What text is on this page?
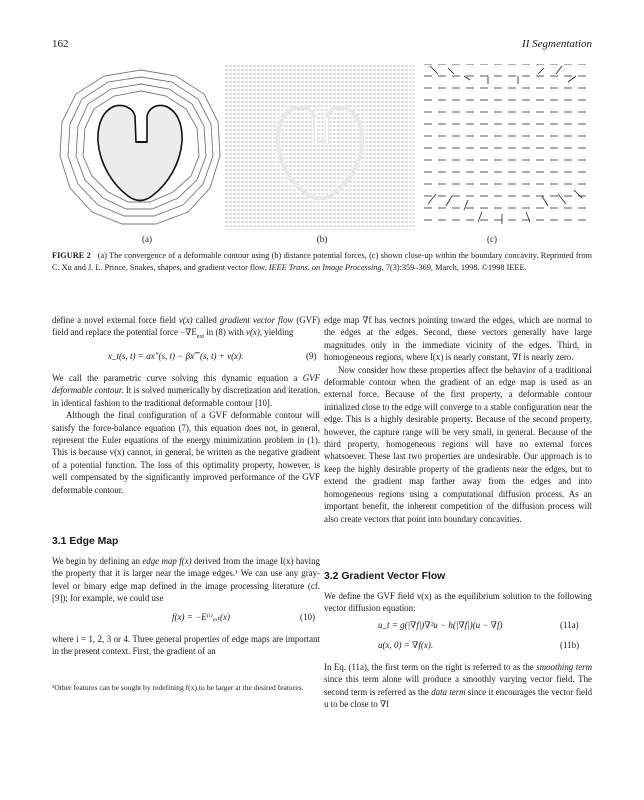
162	II Segmentation
(a)	(b)	(c)
FIGURE 2 (a) The convergence of a deformable contour using (b) distance potential forces, (c) shown close-up within the boundary concavity. Reprinted from C. Xu and J. L. Prince, Snakes, shapes, and gradient vector flow. IEEE Trans. on Image Processing, 7(3):359–369, March, 1998. ©1998 IEEE.

define a novel external force field v(x) called gradient vector flow (GVF) field and replace the potential force $-\nabla E_{ext}$ in (8) with v(x), yielding

x_t(s, t) = αx″(s, t) − βx⁗(s, t) + v(x).	(9)

We call the parametric curve solving this dynamic equation a GVF deformable contour. It is solved numerically by discretization and iteration, in identical fashion to the traditional deformable contour [10].

Although the final configuration of a GVF deformable contour will satisfy the force-balance equation (7), this equation does not, in general, represent the Euler equations of the energy minimization problem in (1). This is because v(x) cannot, in general, be written as the negative gradient of a potential function. The loss of this optimality property, however, is well compensated by the significantly improved performance of the GVF deformable contour.

3.1 Edge Map

We begin by defining an edge map f(x) derived from the image I(x) having the property that it is larger near the image edges.¹ We can use any gray-level or binary edge map defined in the image processing literature (cf. [9]); for example, we could use

f(x) = −E⁽ⁱ⁾ₑₓₜ(x)	(10)

where i = 1, 2, 3 or 4. Three general properties of edge maps are important in the present context. First, the gradient of an

¹Other features can be sought by redefining f(x) to be larger at the desired features.

edge map ∇f has vectors pointing toward the edges, which are normal to the edges at the edges. Second, these vectors generally have large magnitudes only in the immediate vicinity of the edges. Third, in homogeneous regions, where I(x) is nearly constant, ∇f is nearly zero.

Now consider how these properties affect the behavior of a traditional deformable contour when the gradient of an edge map is used as an external force. Because of the first property, a deformable contour initialized close to the edge will converge to a stable configuration near the edge. This is a highly desirable property. Because of the second property, however, the capture range will be very small, in general. Because of the third property, homogeneous regions will have no external forces whatsoever. These last two properties are undesirable. Our approach is to keep the highly desirable property of the gradients near the edges, but to extend the gradient map farther away from the edges and into homogeneous regions using a computational diffusion process. As an important benefit, the inherent competition of the diffusion process will also create vectors that point into boundary concavities.

3.2 Gradient Vector Flow

We define the GVF field v(x) as the equilibrium solution to the following vector diffusion equation:

u_t = g(|∇f|)∇²u − h(|∇f|)(u − ∇f)	(11a)
u(x, 0) = ∇f(x).	(11b)

In Eq. (11a), the first term on the right is referred to as the smoothing term since this term alone will produce a smoothly varying vector field. The second term is referred as the data term since it encourages the vector field u to be close to ∇f
